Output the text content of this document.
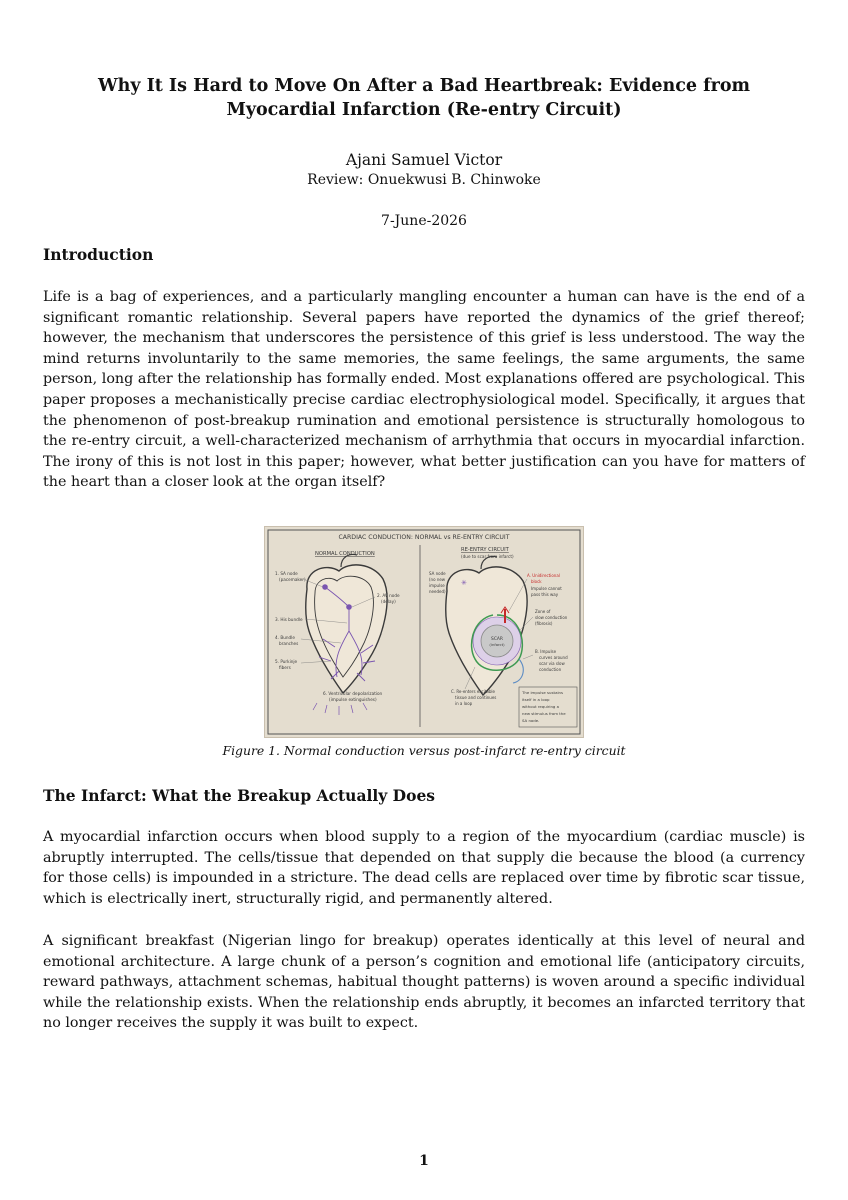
Why It Is Hard to Move On After a Bad Heartbreak: Evidence from Myocardial Infarction (Re-entry Circuit)
Ajani Samuel Victor
Review: Onuekwusi B. Chinwoke
7-June-2026
Introduction

Life is a bag of experiences, and a particularly mangling encounter a human can have is the end of a significant romantic relationship. Several papers have reported the dynamics of the grief thereof; however, the mechanism that underscores the persistence of this grief is less understood. The way the mind returns involuntarily to the same memories, the same feelings, the same arguments, the same person, long after the relationship has formally ended. Most explanations offered are psychological. This paper proposes a mechanistically precise cardiac electrophysiological model. Specifically, it argues that the phenomenon of post-breakup rumination and emotional persistence is structurally homologous to the re-entry circuit, a well-characterized mechanism of arrhythmia that occurs in myocardial infarction. The irony of this is not lost in this paper; however, what better justification can you have for matters of the heart than a closer look at the organ itself?

CARDIAC CONDUCTION: NORMAL vs RE-ENTRY CIRCUIT
NORMAL CONDUCTION
1. SA node
(pacemaker)
2. AV node
(delay)
3. His bundle
4. Bundle
branches
5. Purkinje
fibers
6. Ventricular depolarization
(impulse extinguishes)
RE-ENTRY CIRCUIT
(due to scar from infarct)
SCAR
(infarct)
✳
SA node
(no new
impulse
needed)
A. Unidirectional
block
Impulse cannot
pass this way
Zone of
slow conduction
(fibrosis)
B. Impulse
curves around
scar via slow
conduction
C. Re-enters excitable
tissue and continues
in a loop
The impulse sustains
itself in a loop
without requiring a
new stimulus from the
SA node.
Figure 1. Normal conduction versus post-infarct re-entry circuit
The Infarct: What the Breakup Actually Does

A myocardial infarction occurs when blood supply to a region of the myocardium (cardiac muscle) is abruptly interrupted. The cells/tissue that depended on that supply die because the blood (a currency for those cells) is impounded in a stricture. The dead cells are replaced over time by fibrotic scar tissue, which is electrically inert, structurally rigid, and permanently altered.

A significant breakfast (Nigerian lingo for breakup) operates identically at this level of neural and emotional architecture. A large chunk of a person’s cognition and emotional life (anticipatory circuits, reward pathways, attachment schemas, habitual thought patterns) is woven around a specific individual while the relationship exists. When the relationship ends abruptly, it becomes an infarcted territory that no longer receives the supply it was built to expect.

1
